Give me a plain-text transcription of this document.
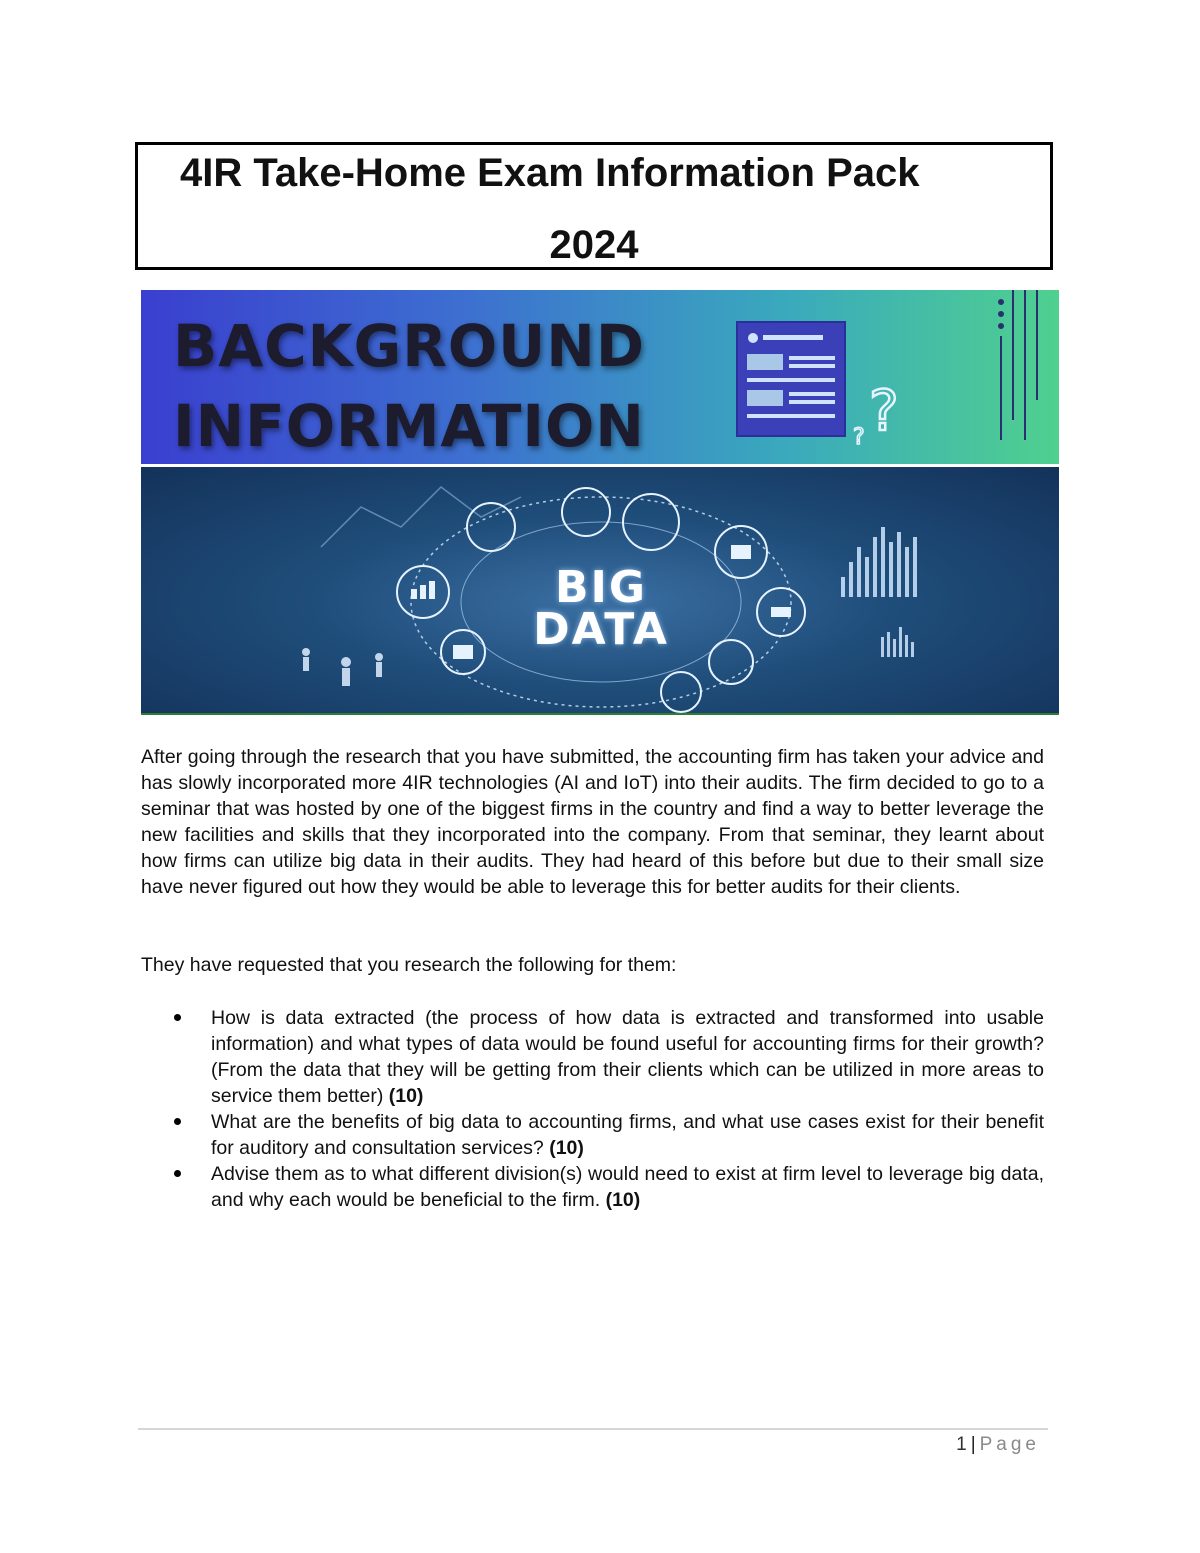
4IR Take-Home Exam Information Pack
2024
BACKGROUND
INFORMATION	?
?
BIG
DATA

After going through the research that you have submitted, the accounting firm has taken your advice and has slowly incorporated more 4IR technologies (AI and IoT) into their audits. The firm decided to go to a seminar that was hosted by one of the biggest firms in the country and find a way to better leverage the new facilities and skills that they incorporated into the company. From that seminar, they learnt about how firms can utilize big data in their audits. They had heard of this before but due to their small size have never figured out how they would be able to leverage this for better audits for their clients.

They have requested that you research the following for them:
How is data extracted (the process of how data is extracted and transformed into usable information) and what types of data would be found useful for accounting firms for their growth? (From the data that they will be getting from their clients which can be utilized in more areas to service them better) (10)
What are the benefits of big data to accounting firms, and what use cases exist for their benefit for auditory and consultation services? (10)
Advise them as to what different division(s) would need to exist at firm level to leverage big data, and why each would be beneficial to the firm. (10)
1 | Page
